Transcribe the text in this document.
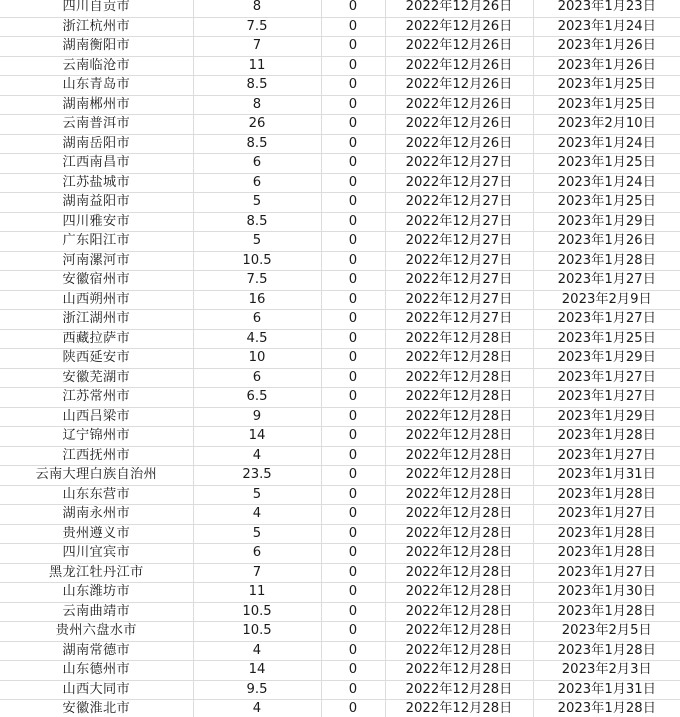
四川自贡市	8	0	2022年12月26日	2023年1月23日
浙江杭州市	7.5	0	2022年12月26日	2023年1月24日
湖南衡阳市	7	0	2022年12月26日	2023年1月26日
云南临沧市	11	0	2022年12月26日	2023年1月26日
山东青岛市	8.5	0	2022年12月26日	2023年1月25日
湖南郴州市	8	0	2022年12月26日	2023年1月25日
云南普洱市	26	0	2022年12月26日	2023年2月10日
湖南岳阳市	8.5	0	2022年12月26日	2023年1月24日
江西南昌市	6	0	2022年12月27日	2023年1月25日
江苏盐城市	6	0	2022年12月27日	2023年1月24日
湖南益阳市	5	0	2022年12月27日	2023年1月25日
四川雅安市	8.5	0	2022年12月27日	2023年1月29日
广东阳江市	5	0	2022年12月27日	2023年1月26日
河南漯河市	10.5	0	2022年12月27日	2023年1月28日
安徽宿州市	7.5	0	2022年12月27日	2023年1月27日
山西朔州市	16	0	2022年12月27日	2023年2月9日
浙江湖州市	6	0	2022年12月27日	2023年1月27日
西藏拉萨市	4.5	0	2022年12月28日	2023年1月25日
陕西延安市	10	0	2022年12月28日	2023年1月29日
安徽芜湖市	6	0	2022年12月28日	2023年1月27日
江苏常州市	6.5	0	2022年12月28日	2023年1月27日
山西吕梁市	9	0	2022年12月28日	2023年1月29日
辽宁锦州市	14	0	2022年12月28日	2023年1月28日
江西抚州市	4	0	2022年12月28日	2023年1月27日
云南大理白族自治州	23.5	0	2022年12月28日	2023年1月31日
山东东营市	5	0	2022年12月28日	2023年1月28日
湖南永州市	4	0	2022年12月28日	2023年1月27日
贵州遵义市	5	0	2022年12月28日	2023年1月28日
四川宜宾市	6	0	2022年12月28日	2023年1月28日
黑龙江牡丹江市	7	0	2022年12月28日	2023年1月27日
山东潍坊市	11	0	2022年12月28日	2023年1月30日
云南曲靖市	10.5	0	2022年12月28日	2023年1月28日
贵州六盘水市	10.5	0	2022年12月28日	2023年2月5日
湖南常德市	4	0	2022年12月28日	2023年1月28日
山东德州市	14	0	2022年12月28日	2023年2月3日
山西大同市	9.5	0	2022年12月28日	2023年1月31日
安徽淮北市	4	0	2022年12月28日	2023年1月28日
